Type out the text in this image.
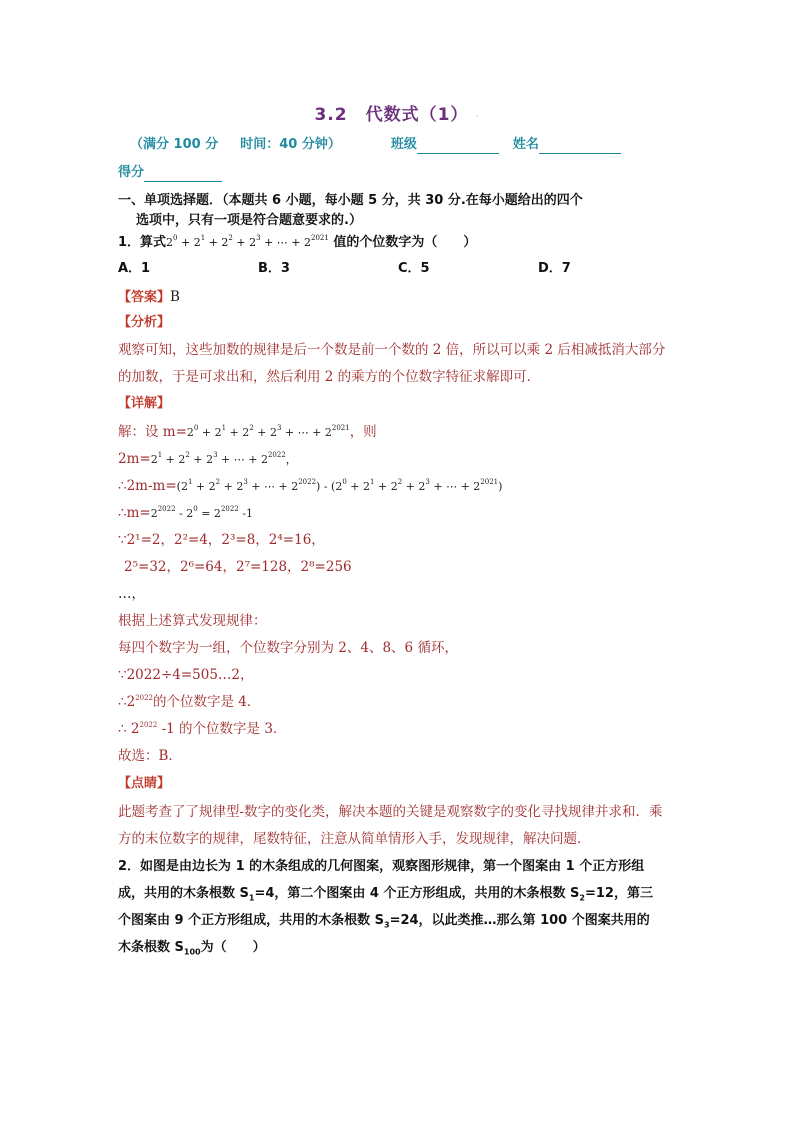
3.2　代数式（1） ·
（满分 100 分 时间：40 分钟）	班级	姓名
得分
一、单项选择题．（本题共 6 小题，每小题 5 分，共 30 分.在每小题给出的四个
选项中，只有一项是符合题意要求的.）
1．算式$2^0 + 2^1 + 2^2 + 2^3$ + ⋯ + $2^{2021}$ 值的个位数字为（　　）
A．1	B．3	C．5	D．7
【答案】B
【分析】
观察可知，这些加数的规律是后一个数是前一个数的 2 倍，所以可以乘 2 后相减抵消大部分
的加数，于是可求出和，然后利用 2 的乘方的个位数字特征求解即可．
【详解】
解：设 $m=2^0 + 2^1 + 2^2 + 2^3$ + ⋯ + $2^{2021}$，则
$2m=2^1 + 2^2 + 2^3$ + ⋯ + $2^{2022}$，
$\therefore 2m-m=(2^1 + 2^2 + 2^3$ + ⋯ + $2^{2022}) - (2^0 + 2^1 + 2^2 + 2^3$ + ⋯ + $2^{2021}$)
$\therefore m=2^{2022} - 2^0 = 2^{2022}$ -1
∵2¹=2，2²=4，2³=8，2⁴=16，
2⁵=32，2⁶=64，2⁷=128，2⁸=256
…，
根据上述算式发现规律：
每四个数字为一组，个位数字分别为 2、4、8、6 循环，
∵2022÷4=505…2，
$\therefore 2^{2022}$的个位数字是 4．
∴ $2^{2022}$ -1 的个位数字是 3．
故选：B．
【点睛】
此题考查了了规律型-数字的变化类，解决本题的关键是观察数字的变化寻找规律并求和．乘
方的末位数字的规律，尾数特征，注意从简单情形入手，发现规律，解决问题．
2．如图是由边长为 1 的木条组成的几何图案，观察图形规律，第一个图案由 1 个正方形组
成，共用的木条根数 $S_1=4$，第二个图案由 4 个正方形组成，共用的木条根数 $S_2=12$，第三
个图案由 9 个正方形组成，共用的木条根数 $S_3=24$，以此类推…那么第 100 个图案共用的
木条根数 $S_{100}$为（　　）
